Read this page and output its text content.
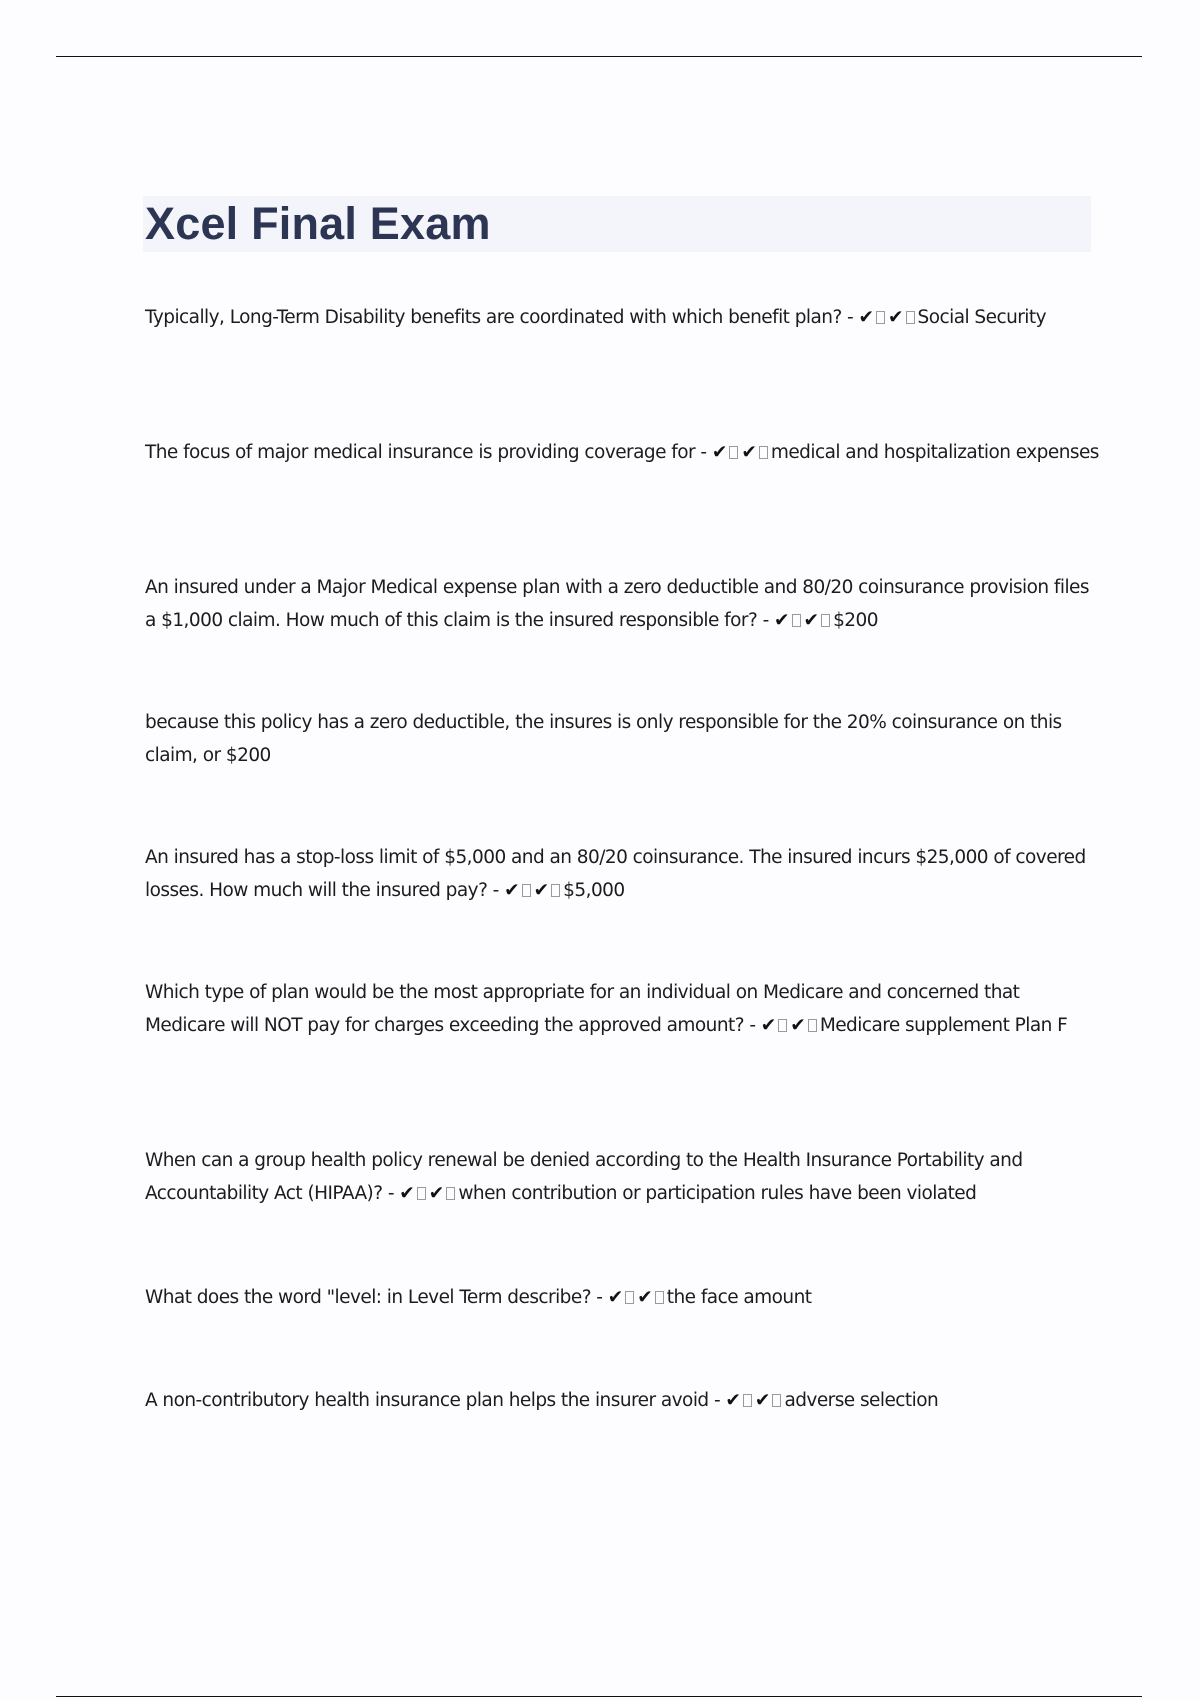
Xcel Final Exam

Typically, Long-Term Disability benefits are coordinated with which benefit plan? - ✔ ✔ Social Security

The focus of major medical insurance is providing coverage for - ✔ ✔ medical and hospitalization expenses

An insured under a Major Medical expense plan with a zero deductible and 80/20 coinsurance provision files a $1,000 claim. How much of this claim is the insured responsible for? - ✔ ✔ $200

because this policy has a zero deductible, the insures is only responsible for the 20% coinsurance on this claim, or $200

An insured has a stop-loss limit of $5,000 and an 80/20 coinsurance. The insured incurs $25,000 of covered losses. How much will the insured pay? - ✔ ✔ $5,000

Which type of plan would be the most appropriate for an individual on Medicare and concerned that Medicare will NOT pay for charges exceeding the approved amount? - ✔ ✔ Medicare supplement Plan F

When can a group health policy renewal be denied according to the Health Insurance Portability and Accountability Act (HIPAA)? - ✔ ✔ when contribution or participation rules have been violated

What does the word "level: in Level Term describe? - ✔ ✔ the face amount

A non-contributory health insurance plan helps the insurer avoid - ✔ ✔ adverse selection
